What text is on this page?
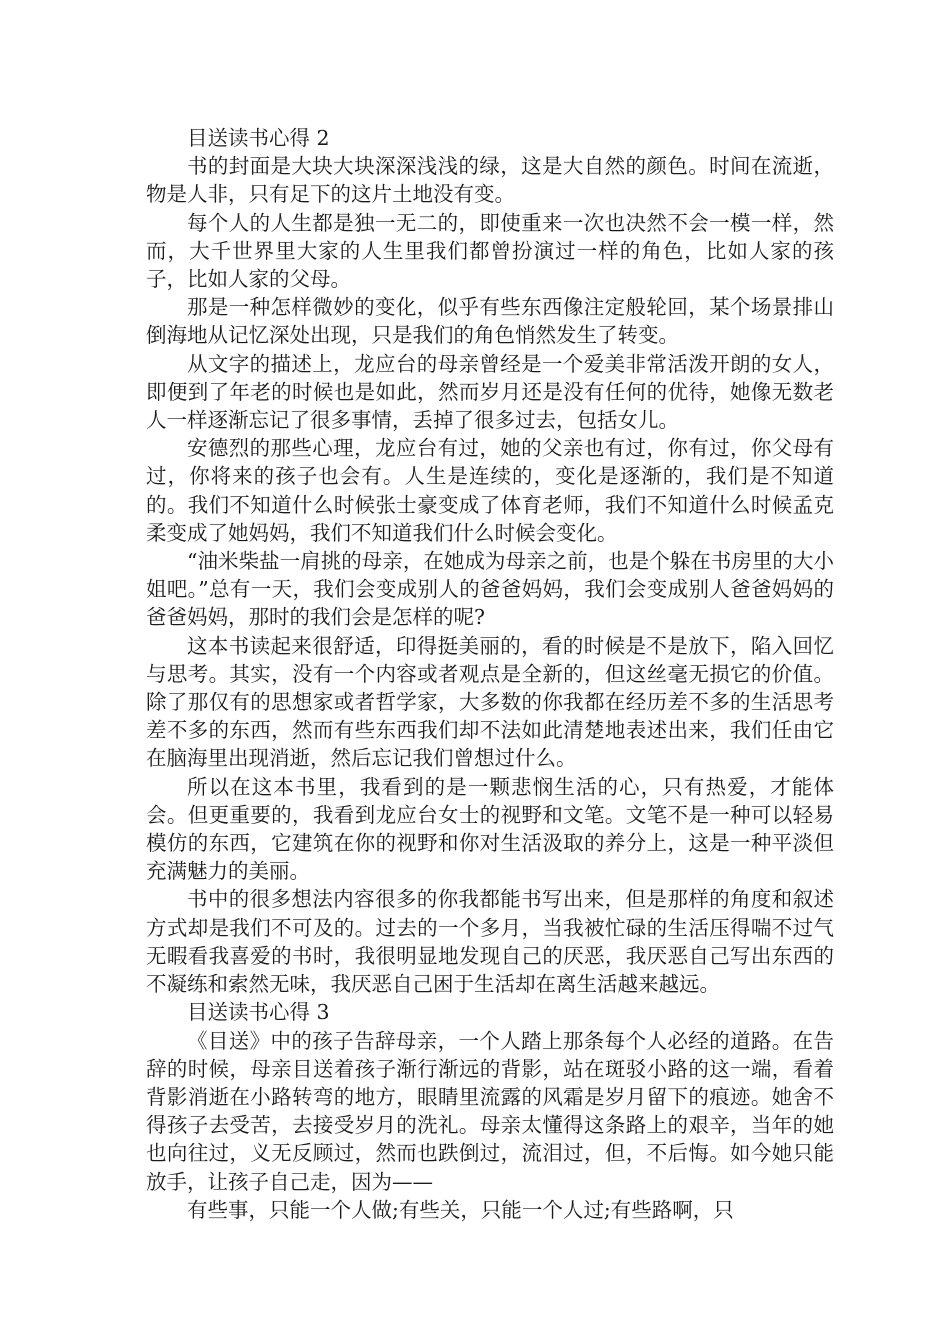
目送读书心得 2

书的封面是大块大块深深浅浅的绿，这是大自然的颜色。时间在流逝，物是人非，只有足下的这片土地没有变。

每个人的人生都是独一无二的，即使重来一次也决然不会一模一样，然而，大千世界里大家的人生里我们都曾扮演过一样的角色，比如人家的孩子，比如人家的父母。

那是一种怎样微妙的变化，似乎有些东西像注定般轮回，某个场景排山倒海地从记忆深处出现，只是我们的角色悄然发生了转变。

从文字的描述上，龙应台的母亲曾经是一个爱美非常活泼开朗的女人，即便到了年老的时候也是如此，然而岁月还是没有任何的优待，她像无数老人一样逐渐忘记了很多事情，丢掉了很多过去，包括女儿。

安德烈的那些心理，龙应台有过，她的父亲也有过，你有过，你父母有过，你将来的孩子也会有。人生是连续的，变化是逐渐的，我们是不知道的。我们不知道什么时候张士豪变成了体育老师，我们不知道什么时候孟克柔变成了她妈妈，我们不知道我们什么时候会变化。

“油米柴盐一肩挑的母亲，在她成为母亲之前，也是个躲在书房里的大小姐吧。”总有一天，我们会变成别人的爸爸妈妈，我们会变成别人爸爸妈妈的爸爸妈妈，那时的我们会是怎样的呢?

这本书读起来很舒适，印得挺美丽的，看的时候是不是放下，陷入回忆与思考。其实，没有一个内容或者观点是全新的，但这丝毫无损它的价值。除了那仅有的思想家或者哲学家，大多数的你我都在经历差不多的生活思考差不多的东西，然而有些东西我们却不法如此清楚地表述出来，我们任由它在脑海里出现消逝，然后忘记我们曾想过什么。

所以在这本书里，我看到的是一颗悲悯生活的心，只有热爱，才能体会。但更重要的，我看到龙应台女士的视野和文笔。文笔不是一种可以轻易模仿的东西，它建筑在你的视野和你对生活汲取的养分上，这是一种平淡但充满魅力的美丽。

书中的很多想法内容很多的你我都能书写出来，但是那样的角度和叙述方式却是我们不可及的。过去的一个多月，当我被忙碌的生活压得喘不过气无暇看我喜爱的书时，我很明显地发现自己的厌恶，我厌恶自己写出东西的不凝练和索然无味，我厌恶自己困于生活却在离生活越来越远。

目送读书心得 3

《目送》中的孩子告辞母亲，一个人踏上那条每个人必经的道路。在告辞的时候，母亲目送着孩子渐行渐远的背影，站在斑驳小路的这一端，看着背影消逝在小路转弯的地方，眼睛里流露的风霜是岁月留下的痕迹。她舍不得孩子去受苦，去接受岁月的洗礼。母亲太懂得这条路上的艰辛，当年的她也向往过，义无反顾过，然而也跌倒过，流泪过，但，不后悔。如今她只能放手，让孩子自己走，因为——

有些事，只能一个人做;有些关，只能一个人过;有些路啊，只
